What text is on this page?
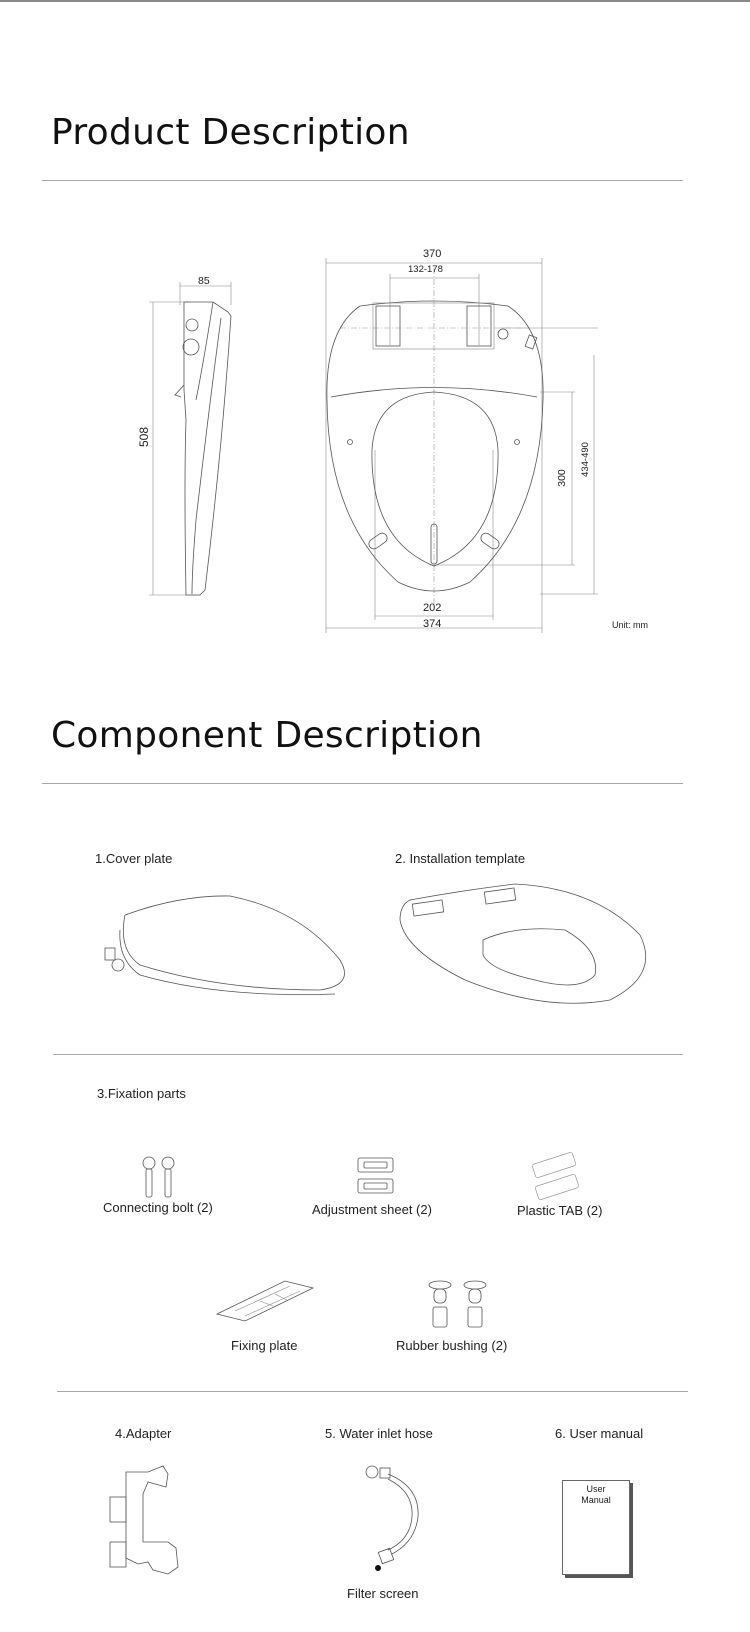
Product Description
85
508
370
132-178
300
434-490
202
374	Unit: mm
Component Description
1.Cover plate	2. Installation template
3.Fixation parts
Connecting bolt (2)	Adjustment sheet (2)	Plastic TAB (2)
Fixing plate	Rubber bushing (2)
4.Adapter	5. Water inlet hose
Filter screen
6. User manual
User
Manual
